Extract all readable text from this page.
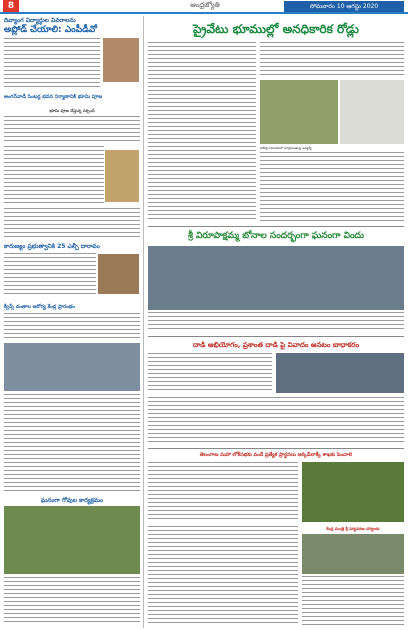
8	ఆంధ్రజ్యోతి	సోమవారం 10 ఆగస్టు 2020
దివ్యాంగ విద్యార్థుల వివరాలను
అప్లోడ్ చేయాలి: ఎంపీడీవో
అంగన్‌వాడీ సెంటర్ల భవన నిర్మాణానికి భూమి పూజ
భూమి పూజ చేస్తున్న సర్పంచ్
కారుణ్యం ప్రభుత్వానికి 25 ఎల్పీ దారావం
క్వీన్స్ దంతాల ఆరోగ్య కేంద్ర ప్రారంభం
ఘనంగా గోవుల కార్యక్రమం
ప్రైవేటు భూముల్లో అనధికారిక రోడ్లు
విలేకర్ల సమావేశంలో మాట్లాడుతున్న ఎమ్మెల్యే
శ్రీ విరూపాక్షమ్మ బోనాల సందర్భంగా ఘనంగా విందు
దాడి అభియోగం, ప్రశాంత దాడి పై వివాదం అనటం బాధాకరం
తెలంగాణ మహా లోక్‌సభకు వందే ప్రత్యేక ప్రార్థనలు ఆర్కిడ్‌లాక్కీ శాఖకు పెంచాలి
కేంద్ర మంత్రి శ్రీ పర్యవరణ చర్యలకు
